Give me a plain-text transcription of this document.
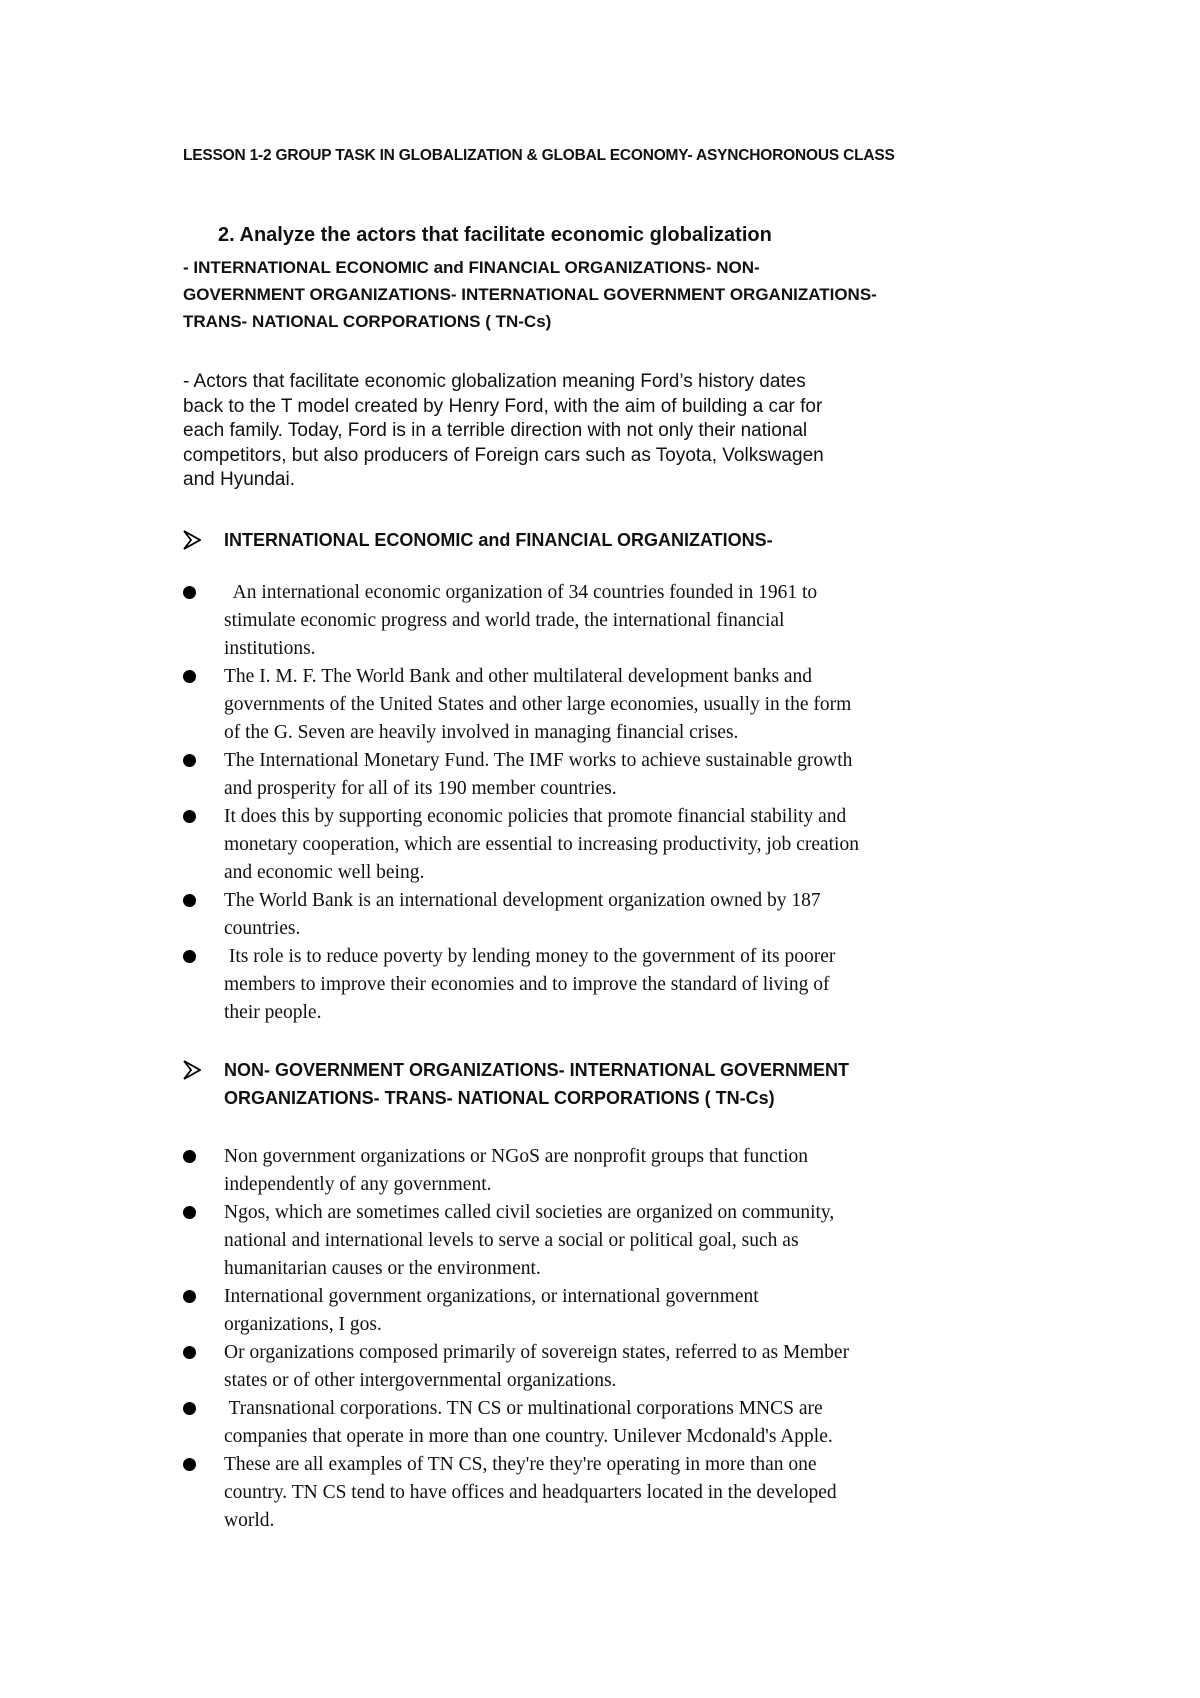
LESSON 1-2 GROUP TASK IN GLOBALIZATION & GLOBAL ECONOMY- ASYNCHORONOUS CLASS
2. Analyze the actors that facilitate economic globalization
- INTERNATIONAL ECONOMIC and FINANCIAL ORGANIZATIONS- NON-
GOVERNMENT ORGANIZATIONS- INTERNATIONAL GOVERNMENT ORGANIZATIONS-
TRANS- NATIONAL CORPORATIONS ( TN-Cs)
- Actors that facilitate economic globalization meaning Ford’s history dates
back to the T model created by Henry Ford, with the aim of building a car for
each family. Today, Ford is in a terrible direction with not only their national
competitors, but also producers of Foreign cars such as Toyota, Volkswagen
and Hyundai.
INTERNATIONAL ECONOMIC and FINANCIAL ORGANIZATIONS-
An international economic organization of 34 countries founded in 1961 to
stimulate economic progress and world trade, the international financial
institutions.
The I. M. F. The World Bank and other multilateral development banks and
governments of the United States and other large economies, usually in the form
of the G. Seven are heavily involved in managing financial crises.
The International Monetary Fund. The IMF works to achieve sustainable growth
and prosperity for all of its 190 member countries.
It does this by supporting economic policies that promote financial stability and
monetary cooperation, which are essential to increasing productivity, job creation
and economic well being.
The World Bank is an international development organization owned by 187
countries.
Its role is to reduce poverty by lending money to the government of its poorer
members to improve their economies and to improve the standard of living of
their people.
NON- GOVERNMENT ORGANIZATIONS- INTERNATIONAL GOVERNMENT
ORGANIZATIONS- TRANS- NATIONAL CORPORATIONS ( TN-Cs)
Non government organizations or NGoS are nonprofit groups that function
independently of any government.
Ngos, which are sometimes called civil societies are organized on community,
national and international levels to serve a social or political goal, such as
humanitarian causes or the environment.
International government organizations, or international government
organizations, I gos.
Or organizations composed primarily of sovereign states, referred to as Member
states or of other intergovernmental organizations.
Transnational corporations. TN CS or multinational corporations MNCS are
companies that operate in more than one country. Unilever Mcdonald's Apple.
These are all examples of TN CS, they're they're operating in more than one
country. TN CS tend to have offices and headquarters located in the developed
world.
